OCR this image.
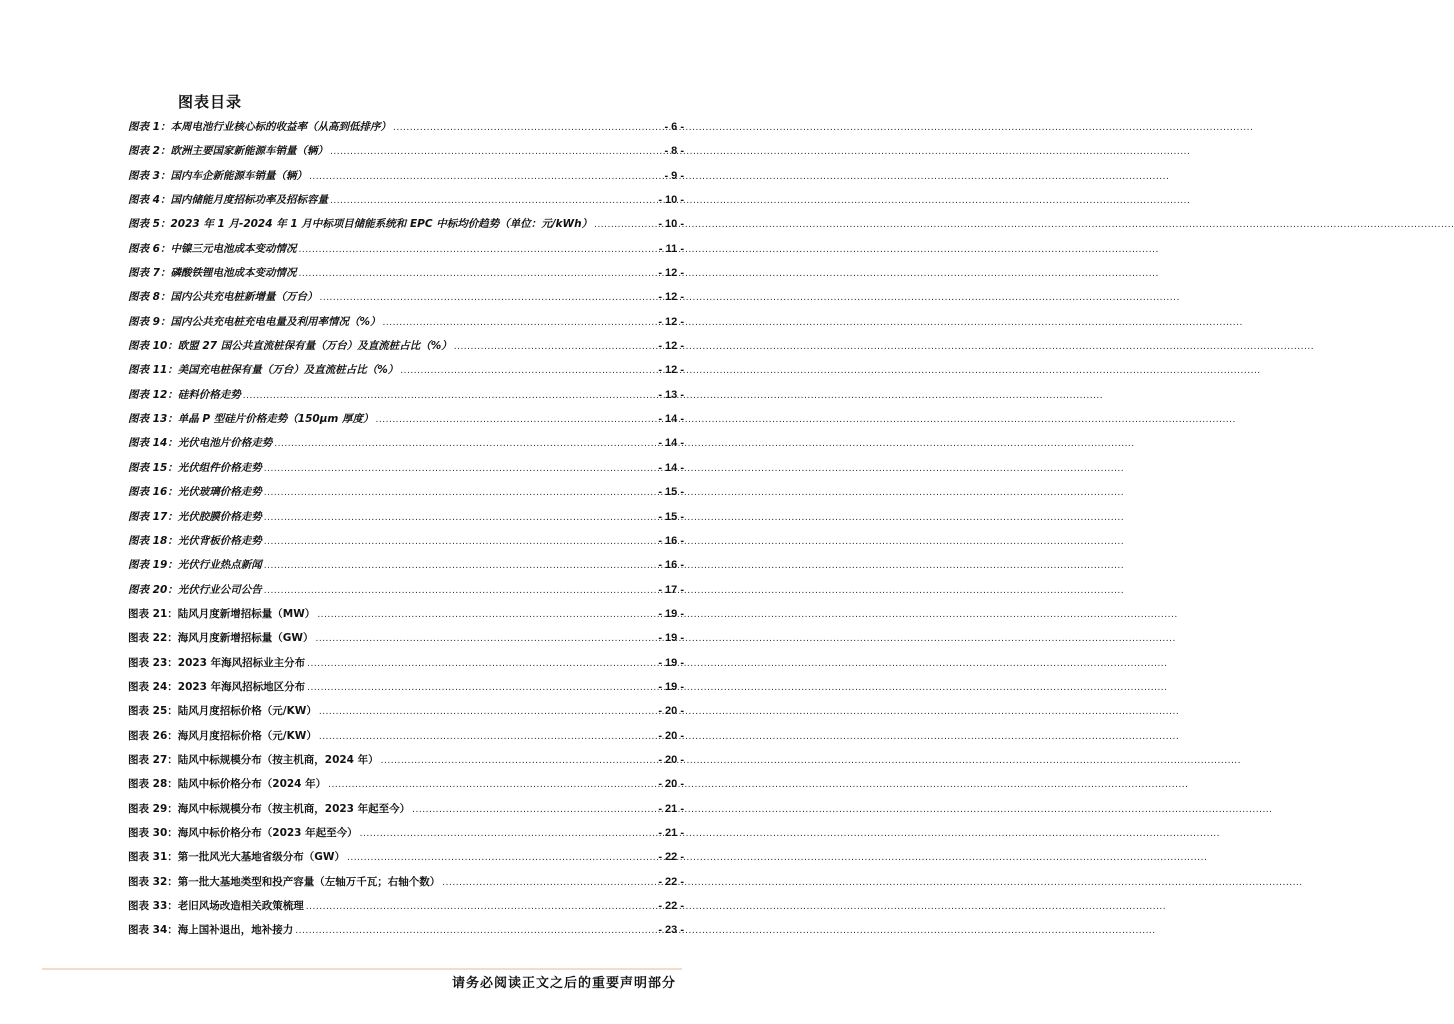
图表目录
图表 1：本周电池行业核心标的收益率（从高到低排序） .....	- 6 -
图表 2：欧洲主要国家新能源车销量（辆） .....	- 8 -
图表 3：国内车企新能源车销量（辆） .....	- 9 -
图表 4：国内储能月度招标功率及招标容量 .....	- 10 -
图表 5：2023 年 1 月-2024 年 1 月中标项目储能系统和 EPC 中标均价趋势（单位：元/kWh） .....	- 10 -
图表 6：中镍三元电池成本变动情况 .....	- 11 -
图表 7：磷酸铁锂电池成本变动情况 .....	- 12 -
图表 8：国内公共充电桩新增量（万台） .....	- 12 -
图表 9：国内公共充电桩充电电量及利用率情况（%） .....	- 12 -
图表 10：欧盟 27 国公共直流桩保有量（万台）及直流桩占比（%） .....	- 12 -
图表 11：美国充电桩保有量（万台）及直流桩占比（%） .....	- 12 -
图表 12：硅料价格走势 .....	- 13 -
图表 13：单晶 P 型硅片价格走势（150μm 厚度） .....	- 14 -
图表 14：光伏电池片价格走势 .....	- 14 -
图表 15：光伏组件价格走势 .....	- 14 -
图表 16：光伏玻璃价格走势 .....	- 15 -
图表 17：光伏胶膜价格走势 .....	- 15 -
图表 18：光伏背板价格走势 .....	- 16 -
图表 19：光伏行业热点新闻 .....	- 16 -
图表 20：光伏行业公司公告 .....	- 17 -
图表 21：陆风月度新增招标量（MW） .....	- 19 -
图表 22：海风月度新增招标量（GW） .....	- 19 -
图表 23：2023 年海风招标业主分布 .....	- 19 -
图表 24：2023 年海风招标地区分布 .....	- 19 -
图表 25：陆风月度招标价格（元/KW） .....	- 20 -
图表 26：海风月度招标价格（元/KW） .....	- 20 -
图表 27：陆风中标规模分布（按主机商，2024 年） .....	- 20 -
图表 28：陆风中标价格分布（2024 年） .....	- 20 -
图表 29：海风中标规模分布（按主机商，2023 年起至今） .....	- 21 -
图表 30：海风中标价格分布（2023 年起至今） .....	- 21 -
图表 31：第一批风光大基地省级分布（GW） .....	- 22 -
图表 32：第一批大基地类型和投产容量（左轴万千瓦；右轴个数） .....	- 22 -
图表 33：老旧风场改造相关政策梳理 .....	- 22 -
图表 34：海上国补退出，地补接力 .....	- 23 -
请务必阅读正文之后的重要声明部分
